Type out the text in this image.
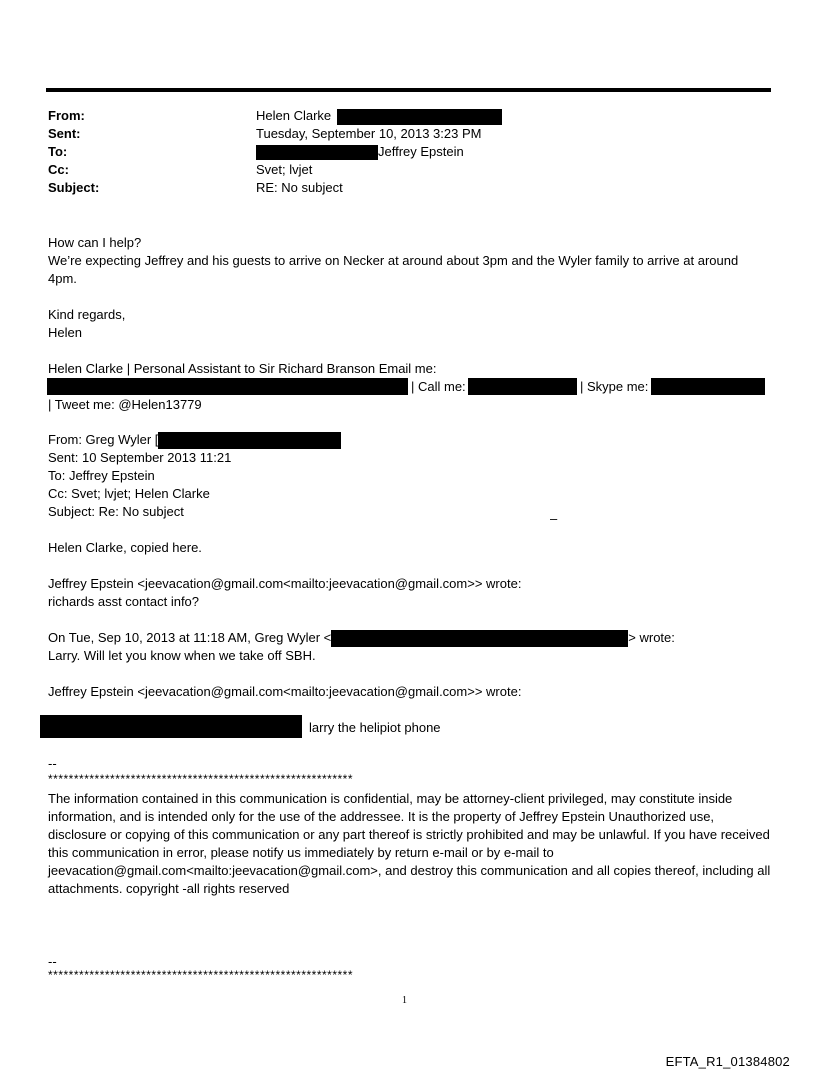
From:	Helen Clarke
Sent:	Tuesday, September 10, 2013 3:23 PM
To:	Jeffrey Epstein
Cc:	Svet; lvjet
Subject:	RE: No subject
How can I help?
We’re expecting Jeffrey and his guests to arrive on Necker at around about 3pm and the Wyler family to arrive at around
4pm.
Kind regards,
Helen
Helen Clarke | Personal Assistant to Sir Richard Branson Email me:
| Call me:	| Skype me:
| Tweet me: @Helen13779
From: Greg Wyler [
Sent: 10 September 2013 11:21
To: Jeffrey Epstein
Cc: Svet; lvjet; Helen Clarke
Subject: Re: No subject	–
Helen Clarke, copied here.
Jeffrey Epstein <jeevacation@gmail.com<mailto:jeevacation@gmail.com>> wrote:
richards asst contact info?
On Tue, Sep 10, 2013 at 11:18 AM, Greg Wyler <	> wrote:
Larry. Will let you know when we take off SBH.
Jeffrey Epstein <jeevacation@gmail.com<mailto:jeevacation@gmail.com>> wrote:
larry the helipiot phone
--
***********************************************************
The information contained in this communication is confidential, may be attorney-client privileged, may constitute inside information, and is intended only for the use of the addressee. It is the property of Jeffrey Epstein Unauthorized use, disclosure or copying of this communication or any part thereof is strictly prohibited and may be unlawful. If you have received this communication in error, please notify us immediately by return e-mail or by e-mail to jeevacation@gmail.com<mailto:jeevacation@gmail.com>, and destroy this communication and all copies thereof, including all attachments. copyright -all rights reserved
--
***********************************************************
1
EFTA_R1_01384802
